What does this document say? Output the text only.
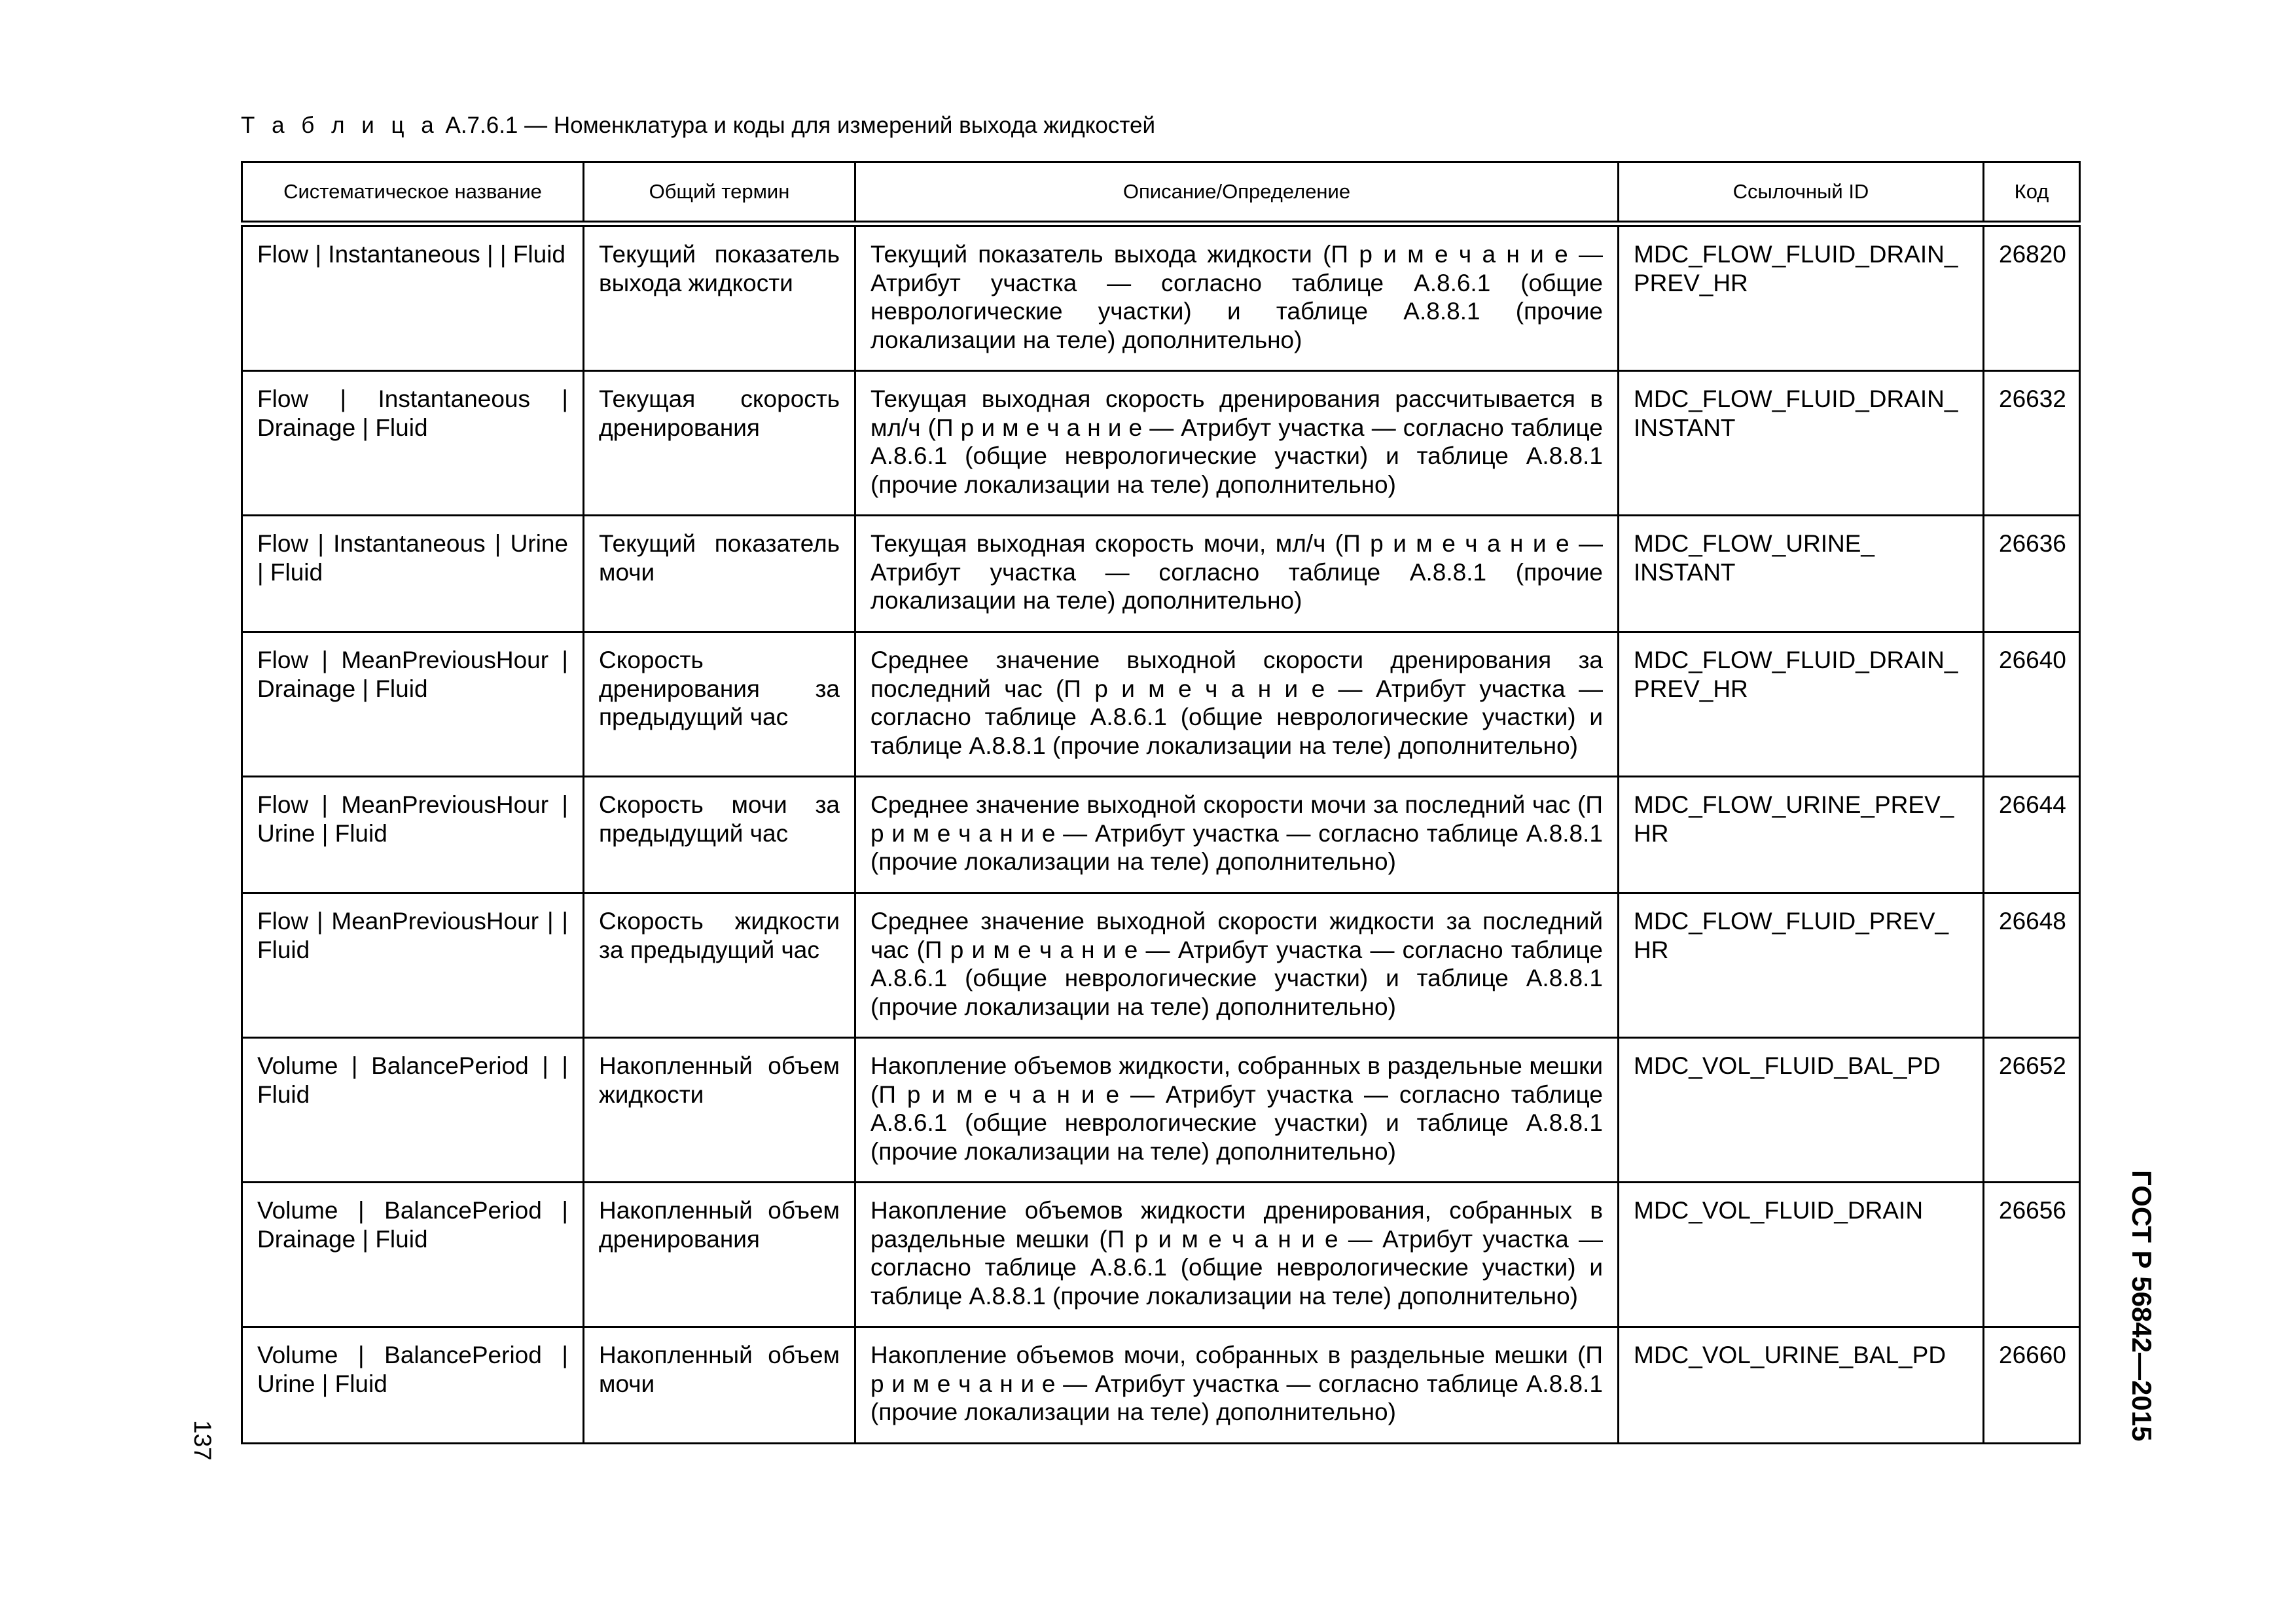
Т а б л и ц а А.7.6.1 — Номенклатура и коды для измерений выхода жидкостей
Систематическое название	Общий термин	Описание/Определение	Ссылочный ID	Код
Flow | Instantaneous | | Fluid	Текущий показатель выхода жидкости	Текущий показатель выхода жидкости (П р и м е ч а н и е — Атрибут участка — согласно таблице А.8.6.1 (общие неврологические участки) и таблице А.8.8.1 (прочие локализации на теле) дополнительно)	MDC_FLOW_FLUID_DRAIN_ PREV_HR	26820
Flow | Instantaneous | Drainage | Fluid	Текущая скорость дренирования	Текущая выходная скорость дренирования рассчитывается в мл/ч (П р и м е ч а н и е — Атрибут участка — согласно таблице А.8.6.1 (общие неврологические участки) и таблице А.8.8.1 (прочие локализации на теле) дополнительно)	MDC_FLOW_FLUID_DRAIN_ INSTANT	26632
Flow | Instantaneous | Urine | Fluid	Текущий показатель мочи	Текущая выходная скорость мочи, мл/ч (П р и м е ч а н и е — Атрибут участка — согласно таблице А.8.8.1 (прочие локализации на теле) дополнительно)	MDC_FLOW_URINE_ INSTANT	26636
Flow | MeanPreviousHour | Drainage | Fluid	Скорость дренирования за предыдущий час	Среднее значение выходной скорости дренирования за последний час (П р и м е ч а н и е — Атрибут участка — согласно таблице А.8.6.1 (общие неврологические участки) и таблице А.8.8.1 (прочие локализации на теле) дополнительно)	MDC_FLOW_FLUID_DRAIN_ PREV_HR	26640
Flow | MeanPreviousHour | Urine | Fluid	Скорость мочи за предыдущий час	Среднее значение выходной скорости мочи за последний час (П р и м е ч а н и е — Атрибут участка — согласно таблице А.8.8.1 (прочие локализации на теле) дополнительно)	MDC_FLOW_URINE_PREV_ HR	26644
Flow | MeanPreviousHour | | Fluid	Скорость жидкости за предыдущий час	Среднее значение выходной скорости жидкости за последний час (П р и м е ч а н и е — Атрибут участка — согласно таблице А.8.6.1 (общие неврологические участки) и таблице А.8.8.1 (прочие локализации на теле) дополнительно)	MDC_FLOW_FLUID_PREV_ HR	26648
Volume | BalancePeriod | | Fluid	Накопленный объем жидкости	Накопление объемов жидкости, собранных в раздельные мешки (П р и м е ч а н и е — Атрибут участка — согласно таблице А.8.6.1 (общие неврологические участки) и таблице А.8.8.1 (прочие локализации на теле) дополнительно)	MDC_VOL_FLUID_BAL_PD	26652
Volume | BalancePeriod | Drainage | Fluid	Накопленный объем дренирования	Накопление объемов жидкости дренирования, собранных в раздельные мешки (П р и м е ч а н и е — Атрибут участка — согласно таблице А.8.6.1 (общие неврологические участки) и таблице А.8.8.1 (прочие локализации на теле) дополнительно)	MDC_VOL_FLUID_DRAIN	26656
Volume | BalancePeriod | Urine | Fluid	Накопленный объем мочи	Накопление объемов мочи, собранных в раздельные мешки (П р и м е ч а н и е — Атрибут участка — согласно таблице А.8.8.1 (прочие локализации на теле) дополнительно)	MDC_VOL_URINE_BAL_PD	26660
137	ГОСТ Р 56842—2015
